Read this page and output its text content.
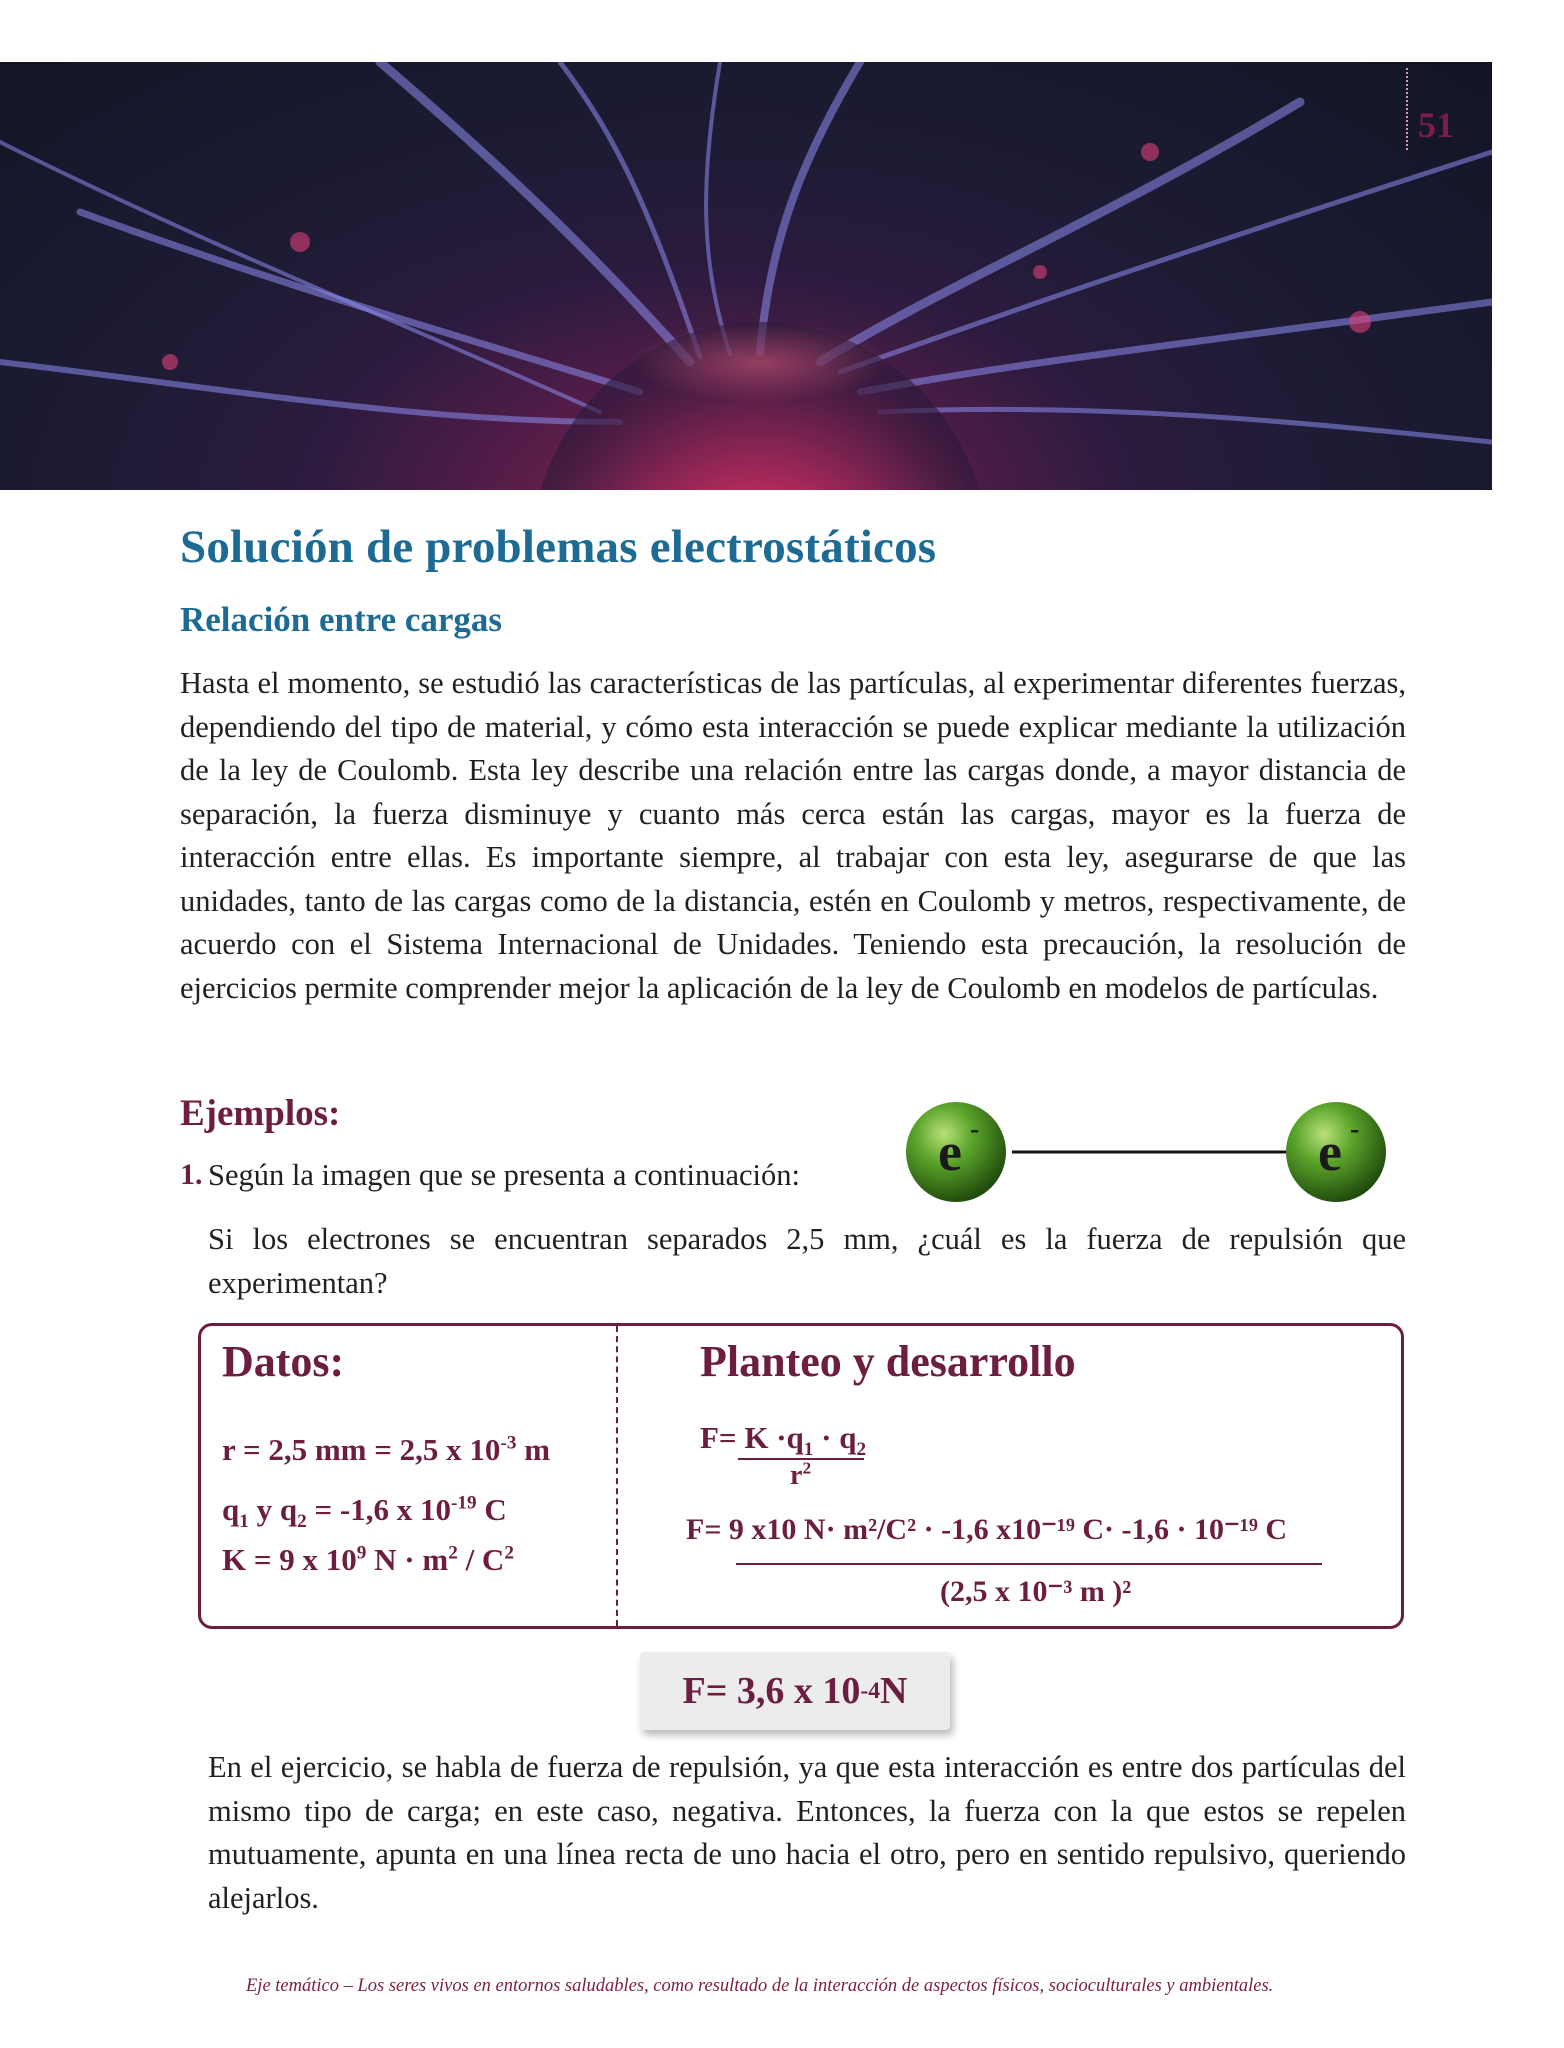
51
Solución de problemas electrostáticos
Relación entre cargas

Hasta el momento, se estudió las características de las partículas, al experimentar diferentes fuerzas, dependiendo del tipo de material, y cómo esta interacción se puede explicar mediante la utilización de la ley de Coulomb. Esta ley describe una relación entre las cargas donde, a mayor distancia de separación, la fuerza disminuye y cuanto más cerca están las cargas, mayor es la fuerza de interacción entre ellas. Es importante siempre, al trabajar con esta ley, asegurarse de que las unidades, tanto de las cargas como de la distancia, estén en Coulomb y metros, respectivamente, de acuerdo con el Sistema Internacional de Unidades. Teniendo esta precaución, la resolución de ejercicios permite comprender mejor la aplicación de la ley de Coulomb en modelos de partículas.

Ejemplos:
1. Según la imagen que se presenta a continuación:	e -	e -

Si los electrones se encuentran separados 2,5 mm, ¿cuál es la fuerza de repulsión que experimentan?

Datos:
r = 2,5 mm = 2,5 x $10^{-3}$ m
$q_1$ y $q_2 = -1,6$ x $10^{-19}$ C
K = 9 x $10^9$ $N \cdot m^2 / C^2$
Planteo y desarrollo
$F= K \cdot q_1 \cdot q_2$
$r^2$
F= 9 x10 N· m²/C² · -1,6 x10⁻¹⁹ C· -1,6 · 10⁻¹⁹ C
(2,5 x 10⁻³ m )²
F= 3,6 x 10 -4 N

En el ejercicio, se habla de fuerza de repulsión, ya que esta interacción es entre dos partículas del mismo tipo de carga; en este caso, negativa. Entonces, la fuerza con la que estos se repelen mutuamente, apunta en una línea recta de uno hacia el otro, pero en sentido repulsivo, queriendo alejarlos.

Eje temático – Los seres vivos en entornos saludables, como resultado de la interacción de aspectos físicos, socioculturales y ambientales.
